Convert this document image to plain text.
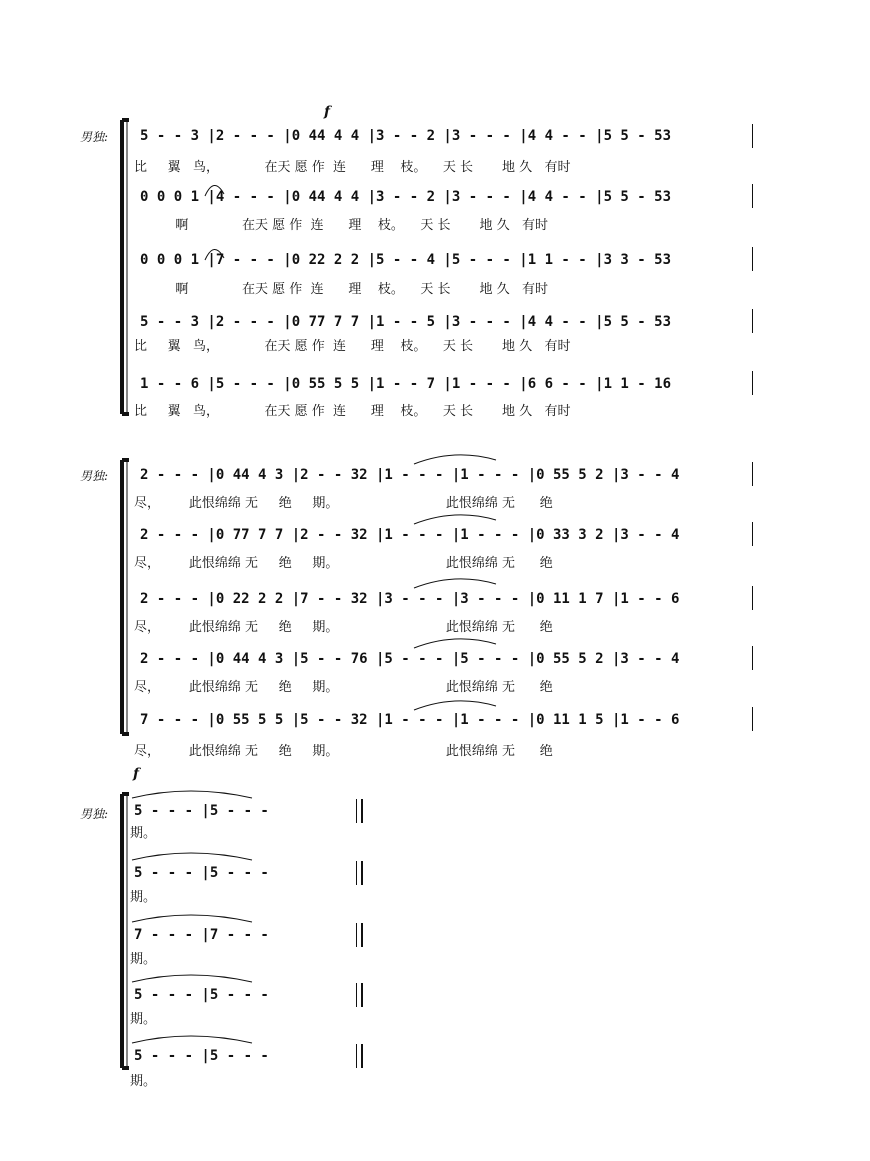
f
f
男独:
男独:
男独:
5 - - 3 |2 - - - |0 44 4 4 |3 - - 2 |3 - - - |4 4 - - |5 5 - 53
比     翼   鸟，           在天 愿 作  连      理    枝。    天 长       地 久   有时
0 0 0 1 |4 - - - |0 44 4 4 |3 - - 2 |3 - - - |4 4 - - |5 5 - 53
啊             在天 愿 作  连      理    枝。    天 长       地 久   有时
0 0 0 1 |7 - - - |0 22 2 2 |5 - - 4 |5 - - - |1 1 - - |3 3 - 53
啊             在天 愿 作  连      理    枝。    天 长       地 久   有时
5 - - 3 |2 - - - |0 77 7 7 |1 - - 5 |3 - - - |4 4 - - |5 5 - 53
比     翼   鸟，           在天 愿 作  连      理    枝。    天 长       地 久   有时
1 - - 6 |5 - - - |0 55 5 5 |1 - - 7 |1 - - - |6 6 - - |1 1 - 16
比     翼   鸟，           在天 愿 作  连      理    枝。    天 长       地 久   有时
2 - - - |0 44 4 3 |2 - - 32 |1 - - - |1 - - - |0 55 5 2 |3 - - 4
尽，       此恨绵绵 无     绝     期。                          此恨绵绵 无      绝
2 - - - |0 77 7 7 |2 - - 32 |1 - - - |1 - - - |0 33 3 2 |3 - - 4
尽，       此恨绵绵 无     绝     期。                          此恨绵绵 无      绝
2 - - - |0 22 2 2 |7 - - 32 |3 - - - |3 - - - |0 11 1 7 |1 - - 6
尽，       此恨绵绵 无     绝     期。                          此恨绵绵 无      绝
2 - - - |0 44 4 3 |5 - - 76 |5 - - - |5 - - - |0 55 5 2 |3 - - 4
尽，       此恨绵绵 无     绝     期。                          此恨绵绵 无      绝
7 - - - |0 55 5 5 |5 - - 32 |1 - - - |1 - - - |0 11 1 5 |1 - - 6
尽，       此恨绵绵 无     绝     期。                          此恨绵绵 无      绝
5 - - - |5 - - -
期。
5 - - - |5 - - -
期。
7 - - - |7 - - -
期。
5 - - - |5 - - -
期。
5 - - - |5 - - -
期。
